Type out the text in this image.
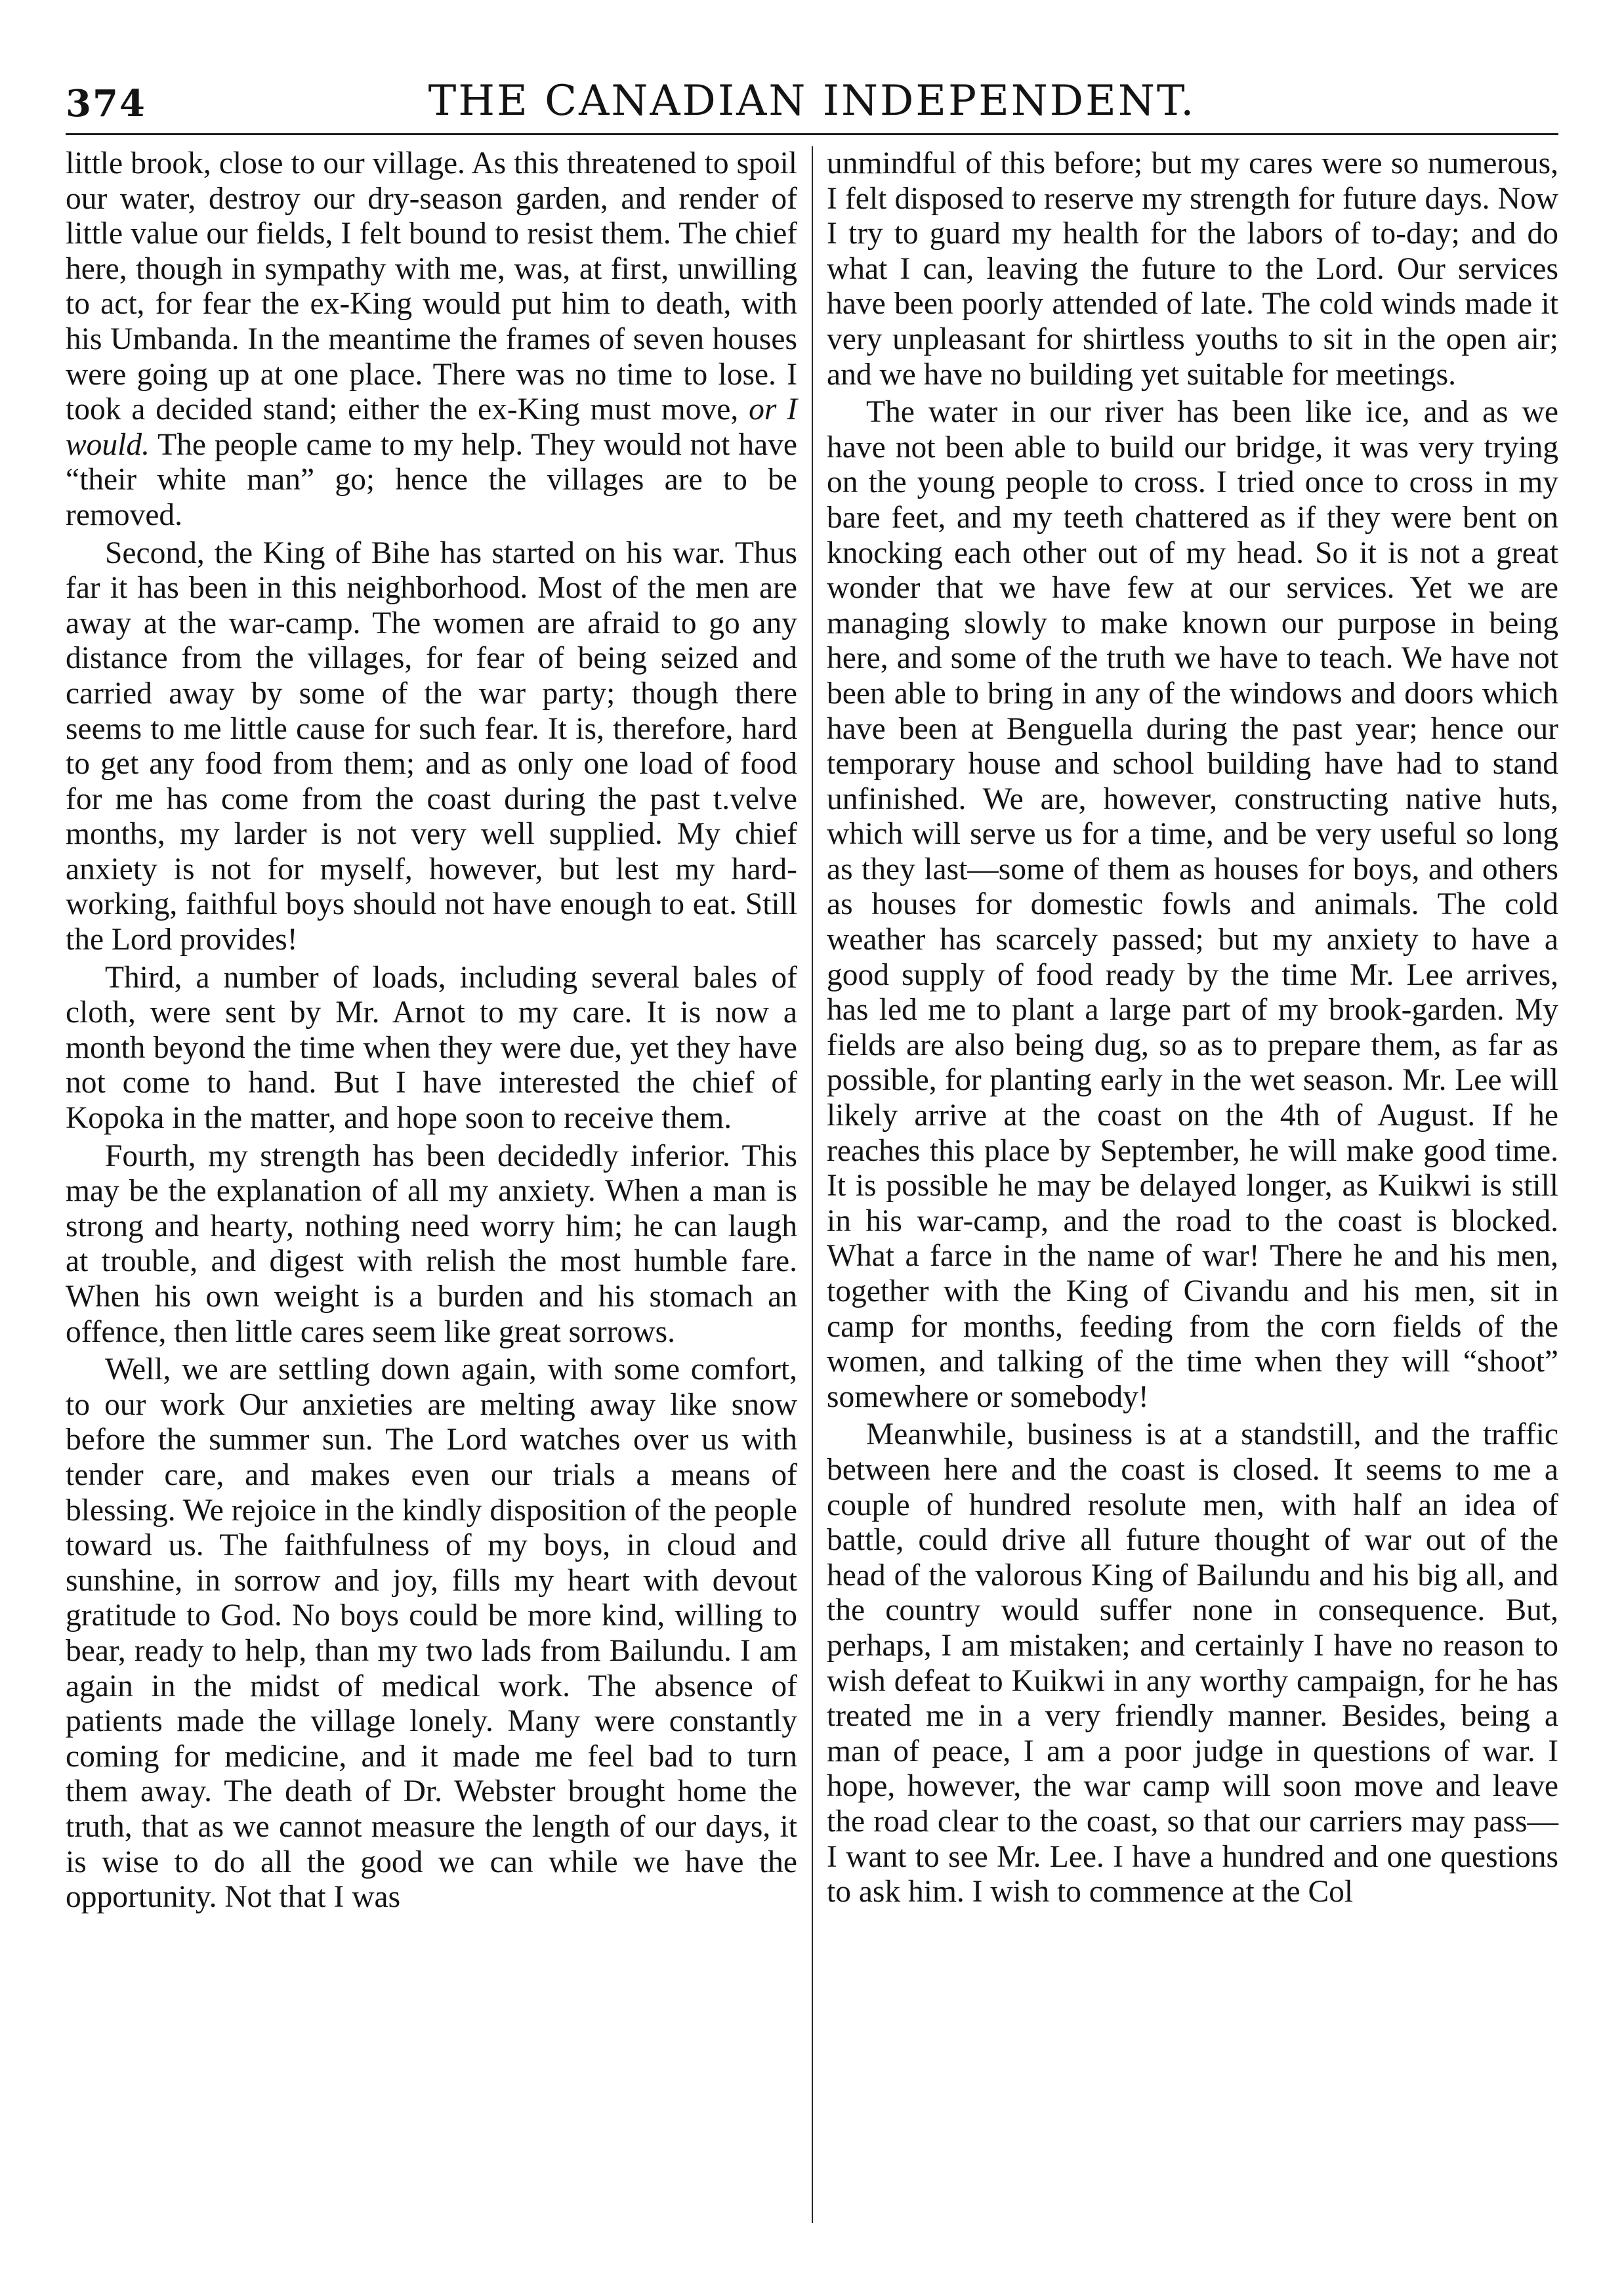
374	THE CANADIAN INDEPENDENT.

little brook, close to our village. As this threatened to spoil our water, destroy our dry-season garden, and render of little value our fields, I felt bound to resist them. The chief here, though in sympathy with me, was, at first, unwilling to act, for fear the ex-King would put him to death, with his Umbanda. In the meantime the frames of seven houses were going up at one place. There was no time to lose. I took a decided stand; either the ex-King must move, or I would. The people came to my help. They would not have “their white man” go; hence the villages are to be removed.

Second, the King of Bihe has started on his war. Thus far it has been in this neighborhood. Most of the men are away at the war-camp. The women are afraid to go any distance from the villages, for fear of being seized and carried away by some of the war party; though there seems to me little cause for such fear. It is, therefore, hard to get any food from them; and as only one load of food for me has come from the coast during the past t.velve months, my larder is not very well supplied. My chief anxiety is not for myself, however, but lest my hard-working, faithful boys should not have enough to eat. Still the Lord provides!

Third, a number of loads, including several bales of cloth, were sent by Mr. Arnot to my care. It is now a month beyond the time when they were due, yet they have not come to hand. But I have interested the chief of Kopoka in the matter, and hope soon to receive them.

Fourth, my strength has been decidedly inferior. This may be the explanation of all my anxiety. When a man is strong and hearty, nothing need worry him; he can laugh at trouble, and digest with relish the most humble fare. When his own weight is a burden and his stomach an offence, then little cares seem like great sorrows.

Well, we are settling down again, with some comfort, to our work Our anxieties are melting away like snow before the summer sun. The Lord watches over us with tender care, and makes even our trials a means of blessing. We rejoice in the kindly disposition of the people toward us. The faithfulness of my boys, in cloud and sunshine, in sorrow and joy, fills my heart with devout gratitude to God. No boys could be more kind, willing to bear, ready to help, than my two lads from Bailundu. I am again in the midst of medical work. The absence of patients made the village lonely. Many were constantly coming for medicine, and it made me feel bad to turn them away. The death of Dr. Webster brought home the truth, that as we cannot measure the length of our days, it is wise to do all the good we can while we have the opportunity. Not that I was

unmindful of this before; but my cares were so numerous, I felt disposed to reserve my strength for future days. Now I try to guard my health for the labors of to-day; and do what I can, leaving the future to the Lord. Our services have been poorly attended of late. The cold winds made it very unpleasant for shirtless youths to sit in the open air; and we have no building yet suitable for meetings.

The water in our river has been like ice, and as we have not been able to build our bridge, it was very trying on the young people to cross. I tried once to cross in my bare feet, and my teeth chattered as if they were bent on knocking each other out of my head. So it is not a great wonder that we have few at our services. Yet we are managing slowly to make known our purpose in being here, and some of the truth we have to teach. We have not been able to bring in any of the windows and doors which have been at Benguella during the past year; hence our temporary house and school building have had to stand unfinished. We are, however, constructing native huts, which will serve us for a time, and be very useful so long as they last—some of them as houses for boys, and others as houses for domestic fowls and animals. The cold weather has scarcely passed; but my anxiety to have a good supply of food ready by the time Mr. Lee arrives, has led me to plant a large part of my brook-garden. My fields are also being dug, so as to prepare them, as far as possible, for planting early in the wet season. Mr. Lee will likely arrive at the coast on the 4th of August. If he reaches this place by September, he will make good time. It is possible he may be delayed longer, as Kuikwi is still in his war-camp, and the road to the coast is blocked. What a farce in the name of war! There he and his men, together with the King of Civandu and his men, sit in camp for months, feeding from the corn fields of the women, and talking of the time when they will “shoot” somewhere or somebody!

Meanwhile, business is at a standstill, and the traffic between here and the coast is closed. It seems to me a couple of hundred resolute men, with half an idea of battle, could drive all future thought of war out of the head of the valorous King of Bailundu and his big all, and the country would suffer none in consequence. But, perhaps, I am mistaken; and certainly I have no reason to wish defeat to Kuikwi in any worthy campaign, for he has treated me in a very friendly manner. Besides, being a man of peace, I am a poor judge in questions of war. I hope, however, the war camp will soon move and leave the road clear to the coast, so that our carriers may pass—I want to see Mr. Lee. I have a hundred and one questions to ask him. I wish to commence at the Col
